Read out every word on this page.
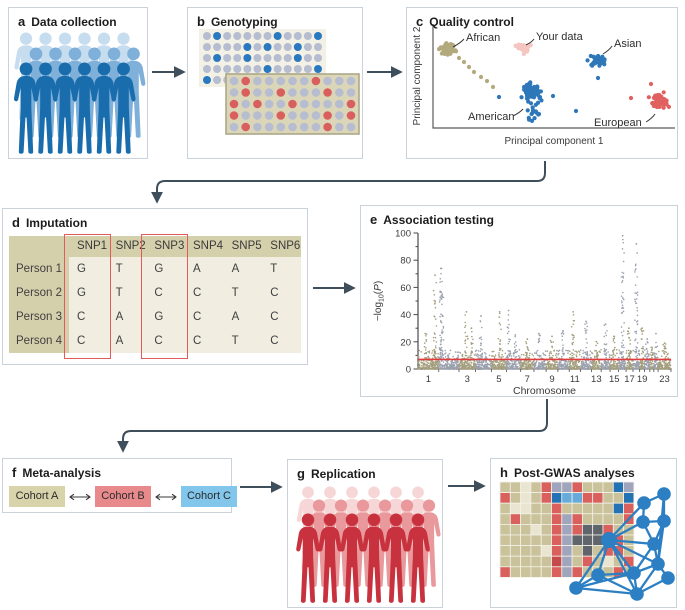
a Data collection	b Genotyping	c Quality control
Principal component 1
Principal component 2	African	Your data
Asian
American	European
d Imputation
SNP1 SNP2 SNP3 SNP4 SNP5 SNP6
Person 1	G	T	G	A	A	T
Person 2	G	T	C	C	T	C
Person 3	C	A	G	C	A	C
Person 4	C	A	C	C	T	C
e Association testing
0
20
40
60
80
100
1	3	5 7 9 11 13 15 17 19 23
Chromosome
$-\log_{10}(P)$
f Meta-analysis
Cohort A	Cohort B	Cohort C
g Replication	h Post-GWAS analyses
